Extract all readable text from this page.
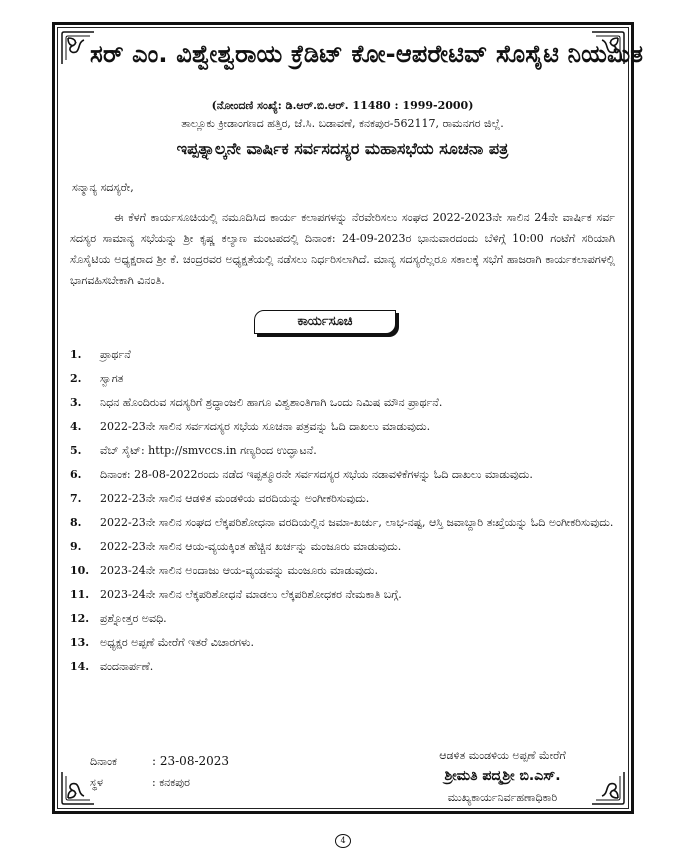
ಸರ್ ಎಂ. ವಿಶ್ವೇಶ್ವರಾಯ ಕ್ರೆಡಿಟ್ ಕೋ-ಆಪರೇಟಿವ್ ಸೊಸೈಟಿ ನಿಯಮಿತ
(ನೋಂದಣಿ ಸಂಖ್ಯೆ: ಡಿ.ಆರ್.ಬಿ.ಆರ್. 11480 : 1999-2000)
ತಾಲ್ಲೂಕು ಕ್ರೀಡಾಂಗಣದ ಹತ್ತಿರ, ಜೆ.ಸಿ. ಬಡಾವಣೆ, ಕನಕಪುರ-562117, ರಾಮನಗರ ಜಿಲ್ಲೆ.
ಇಪ್ಪತ್ನಾಲ್ಕನೇ ವಾರ್ಷಿಕ ಸರ್ವಸದಸ್ಯರ ಮಹಾಸಭೆಯ ಸೂಚನಾ ಪತ್ರ
ಸನ್ಮಾನ್ಯ ಸದಸ್ಯರೇ,
ಈ ಕೆಳಗೆ ಕಾರ್ಯಸೂಚಿಯಲ್ಲಿ ನಮೂದಿಸಿದ ಕಾರ್ಯ ಕಲಾಪಗಳನ್ನು ನೆರವೇರಿಸಲು ಸಂಘದ 2022-2023ನೇ ಸಾಲಿನ 24ನೇ ವಾರ್ಷಿಕ ಸರ್ವ ಸದಸ್ಯರ ಸಾಮಾನ್ಯ ಸಭೆಯನ್ನು ಶ್ರೀ ಕೃಷ್ಣ ಕಲ್ಯಾಣ ಮಂಟಪದಲ್ಲಿ ದಿನಾಂಕ: 24-09-2023ರ ಭಾನುವಾರದಂದು ಬೆಳಿಗ್ಗೆ 10:00 ಗಂಟೆಗೆ ಸರಿಯಾಗಿ ಸೊಸೈಟಿಯ ಅಧ್ಯಕ್ಷರಾದ ಶ್ರೀ ಕೆ. ಚಂದ್ರರವರ ಅಧ್ಯಕ್ಷತೆಯಲ್ಲಿ ನಡೆಸಲು ನಿರ್ಧರಿಸಲಾಗಿದೆ. ಮಾನ್ಯ ಸದಸ್ಯರೆಲ್ಲರೂ ಸಕಾಲಕ್ಕೆ ಸಭೆಗೆ ಹಾಜರಾಗಿ ಕಾರ್ಯಕಲಾಪಗಳಲ್ಲಿ ಭಾಗವಹಿಸಬೇಕಾಗಿ ವಿನಂತಿ.
ಕಾರ್ಯಸೂಚಿ
1. ಪ್ರಾರ್ಥನೆ
2. ಸ್ವಾಗತ
3. ನಿಧನ ಹೊಂದಿರುವ ಸದಸ್ಯರಿಗೆ ಶ್ರದ್ಧಾಂಜಲಿ ಹಾಗೂ ವಿಶ್ವಶಾಂತಿಗಾಗಿ ಒಂದು ನಿಮಿಷ ಮೌನ ಪ್ರಾರ್ಥನೆ.
4. 2022-23ನೇ ಸಾಲಿನ ಸರ್ವಸದಸ್ಯರ ಸಭೆಯ ಸೂಚನಾ ಪತ್ರವನ್ನು ಓದಿ ದಾಖಲು ಮಾಡುವುದು.
5. ವೆಬ್ ಸೈಟ್: http://smvccs.in ಗಣ್ಯರಿಂದ ಉದ್ಘಾಟನೆ.
6. ದಿನಾಂಕ: 28-08-2022ರಂದು ನಡೆದ ಇಪ್ಪತ್ಮೂರನೇ ಸರ್ವಸದಸ್ಯರ ಸಭೆಯ ನಡಾವಳಿಕೆಗಳನ್ನು ಓದಿ ದಾಖಲು ಮಾಡುವುದು.
7. 2022-23ನೇ ಸಾಲಿನ ಆಡಳಿತ ಮಂಡಳಿಯ ವರದಿಯನ್ನು ಅಂಗೀಕರಿಸುವುದು.
8. 2022-23ನೇ ಸಾಲಿನ ಸಂಘದ ಲೆಕ್ಕಪರಿಶೋಧನಾ ವರದಿಯಲ್ಲಿನ ಜಮಾ-ಖರ್ಚು, ಲಾಭ-ನಷ್ಟ, ಆಸ್ತಿ ಜವಾಬ್ದಾರಿ ತಃಖ್ತೆಯನ್ನು ಓದಿ ಅಂಗೀಕರಿಸುವುದು.
9. 2022-23ನೇ ಸಾಲಿನ ಆಯ-ವ್ಯಯಕ್ಕಿಂತ ಹೆಚ್ಚಿನ ಖರ್ಚನ್ನು ಮಂಜೂರು ಮಾಡುವುದು.
10. 2023-24ನೇ ಸಾಲಿನ ಅಂದಾಜು ಆಯ-ವ್ಯಯವನ್ನು ಮಂಜೂರು ಮಾಡುವುದು.
11. 2023-24ನೇ ಸಾಲಿನ ಲೆಕ್ಕಪರಿಶೋಧನೆ ಮಾಡಲು ಲೆಕ್ಕಪರಿಶೋಧಕರ ನೇಮಕಾತಿ ಬಗ್ಗೆ.
12. ಪ್ರಶ್ನೋತ್ತರ ಅವಧಿ.
13. ಅಧ್ಯಕ್ಷರ ಅಪ್ಪಣೆ ಮೇರೆಗೆ ಇತರೆ ವಿಚಾರಗಳು.
14. ವಂದನಾರ್ಪಣೆ.
ದಿನಾಂಕ	: 23-08-2023
ಸ್ಥಳ	: ಕನಕಪುರ
ಆಡಳಿತ ಮಂಡಳಿಯ ಅಪ್ಪಣೆ ಮೇರೆಗೆ
ಶ್ರೀಮತಿ ಪದ್ಮಶ್ರೀ ಬಿ.ಎಸ್.
ಮುಖ್ಯಕಾರ್ಯನಿರ್ವಹಣಾಧಿಕಾರಿ
4
